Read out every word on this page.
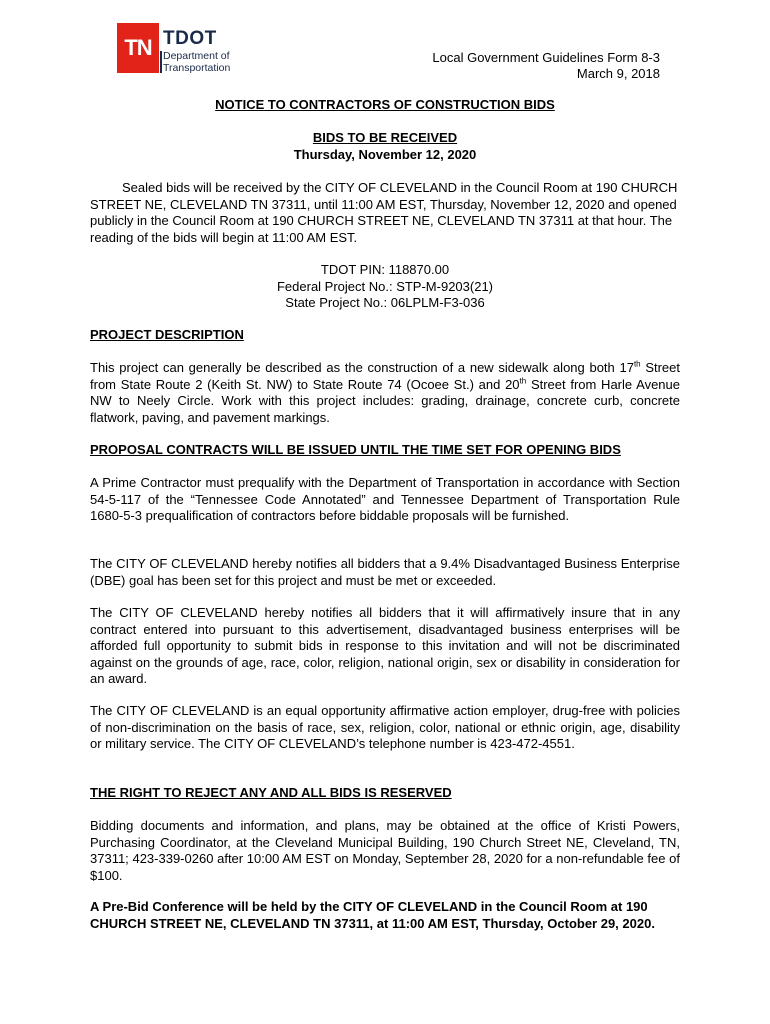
TN TDOT
Department of
Transportation
Local Government Guidelines Form 8-3
March 9, 2018
NOTICE TO CONTRACTORS OF CONSTRUCTION BIDS
BIDS TO BE RECEIVED
Thursday, November 12, 2020
Sealed bids will be received by the CITY OF CLEVELAND in the Council Room at 190 CHURCH STREET NE, CLEVELAND TN 37311, until 11:00 AM EST, Thursday, November 12, 2020 and opened publicly in the Council Room at 190 CHURCH STREET NE, CLEVELAND TN 37311 at that hour. The reading of the bids will begin at 11:00 AM EST.
TDOT PIN: 118870.00
Federal Project No.: STP-M-9203(21)
State Project No.: 06LPLM-F3-036
PROJECT DESCRIPTION
This project can generally be described as the construction of a new sidewalk along both 17th Street from State Route 2 (Keith St. NW) to State Route 74 (Ocoee St.) and 20th Street from Harle Avenue NW to Neely Circle. Work with this project includes: grading, drainage, concrete curb, concrete flatwork, paving, and pavement markings.
PROPOSAL CONTRACTS WILL BE ISSUED UNTIL THE TIME SET FOR OPENING BIDS
A Prime Contractor must prequalify with the Department of Transportation in accordance with Section 54-5-117 of the “Tennessee Code Annotated” and Tennessee Department of Transportation Rule 1680-5-3 prequalification of contractors before biddable proposals will be furnished.
The CITY OF CLEVELAND hereby notifies all bidders that a 9.4% Disadvantaged Business Enterprise (DBE) goal has been set for this project and must be met or exceeded.
The CITY OF CLEVELAND hereby notifies all bidders that it will affirmatively insure that in any contract entered into pursuant to this advertisement, disadvantaged business enterprises will be afforded full opportunity to submit bids in response to this invitation and will not be discriminated against on the grounds of age, race, color, religion, national origin, sex or disability in consideration for an award.
The CITY OF CLEVELAND is an equal opportunity affirmative action employer, drug-free with policies of non-discrimination on the basis of race, sex, religion, color, national or ethnic origin, age, disability or military service. The CITY OF CLEVELAND’s telephone number is 423-472-4551.
THE RIGHT TO REJECT ANY AND ALL BIDS IS RESERVED
Bidding documents and information, and plans, may be obtained at the office of Kristi Powers, Purchasing Coordinator, at the Cleveland Municipal Building, 190 Church Street NE, Cleveland, TN, 37311; 423-339-0260 after 10:00 AM EST on Monday, September 28, 2020 for a non-refundable fee of $100.
A Pre-Bid Conference will be held by the CITY OF CLEVELAND in the Council Room at 190 CHURCH STREET NE, CLEVELAND TN 37311, at 11:00 AM EST, Thursday, October 29, 2020.
